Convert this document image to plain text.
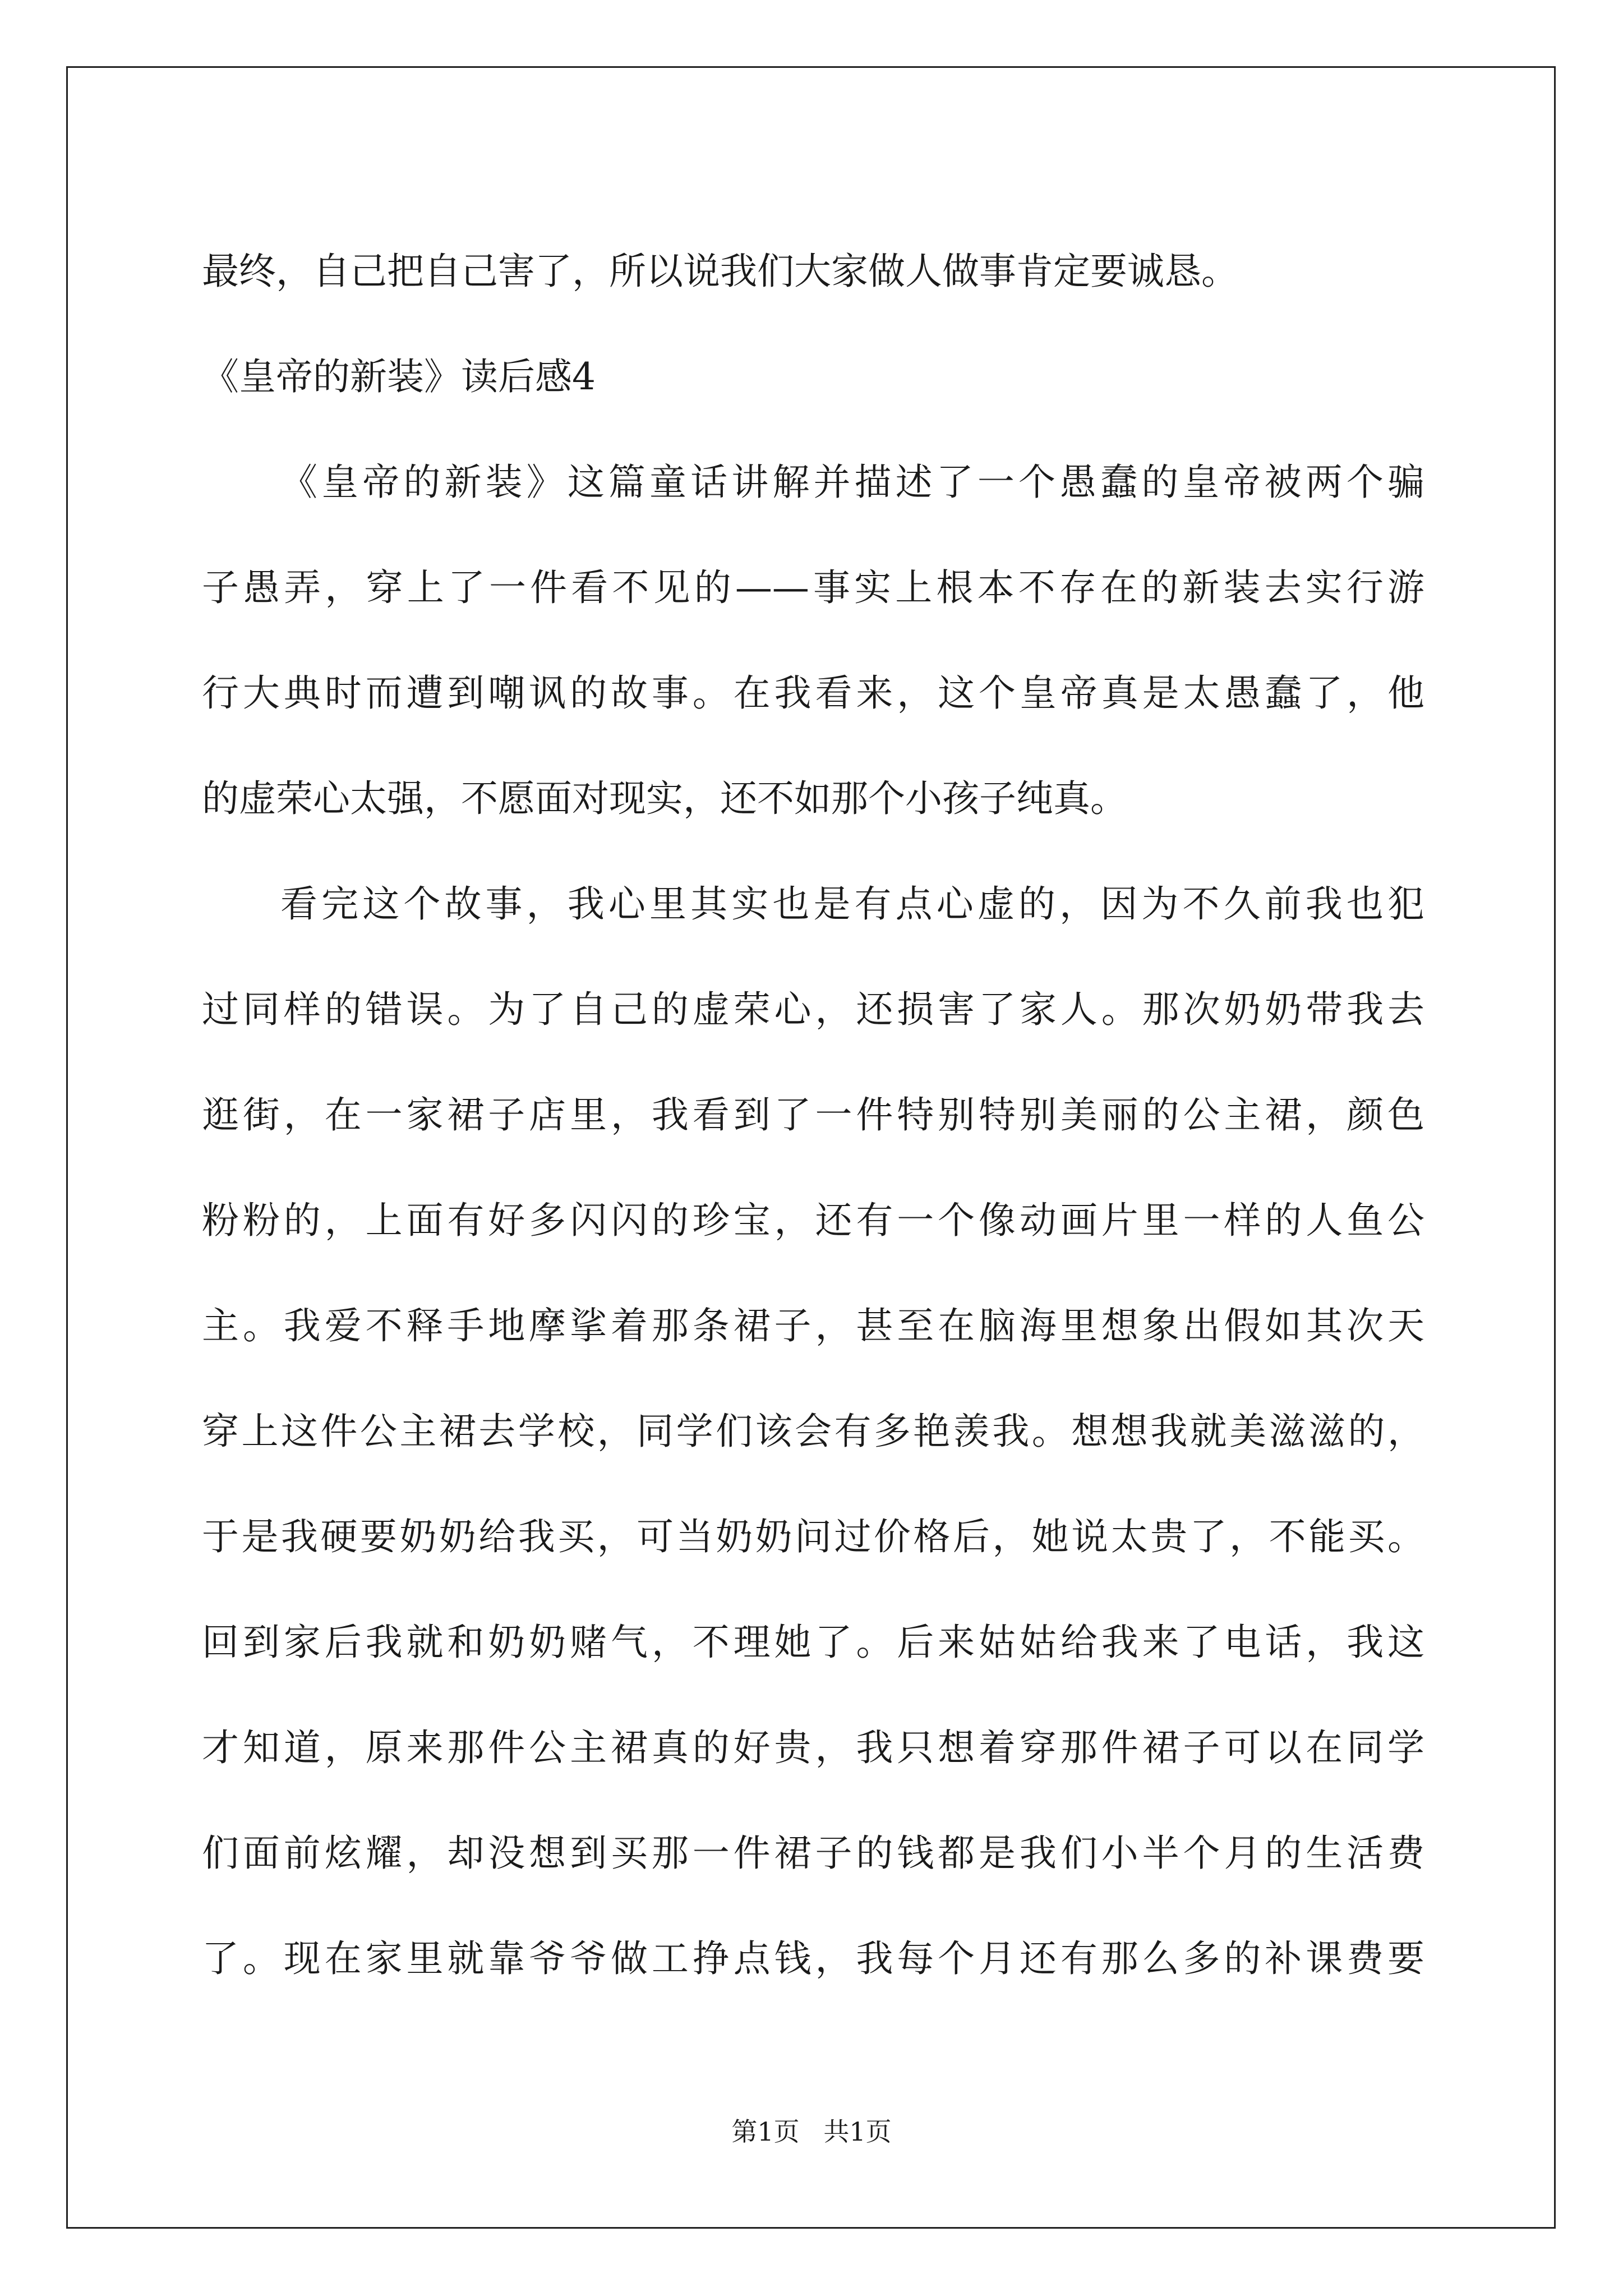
最终，自己把自己害了，所以说我们大家做人做事肯定要诚恳。
《皇帝的新装》读后感4
《皇帝的新装》这篇童话讲解并描述了一个愚蠢的皇帝被两个骗
子愚弄，穿上了一件看不见的——事实上根本不存在的新装去实行游
行大典时而遭到嘲讽的故事。在我看来，这个皇帝真是太愚蠢了，他
的虚荣心太强，不愿面对现实，还不如那个小孩子纯真。
看完这个故事，我心里其实也是有点心虚的，因为不久前我也犯
过同样的错误。为了自己的虚荣心，还损害了家人。那次奶奶带我去
逛街，在一家裙子店里，我看到了一件特别特别美丽的公主裙，颜色
粉粉的，上面有好多闪闪的珍宝，还有一个像动画片里一样的人鱼公
主。我爱不释手地摩挲着那条裙子，甚至在脑海里想象出假如其次天
穿上这件公主裙去学校，同学们该会有多艳羡我。想想我就美滋滋的，
于是我硬要奶奶给我买，可当奶奶问过价格后，她说太贵了，不能买。
回到家后我就和奶奶赌气，不理她了。后来姑姑给我来了电话，我这
才知道，原来那件公主裙真的好贵，我只想着穿那件裙子可以在同学
们面前炫耀，却没想到买那一件裙子的钱都是我们小半个月的生活费
了。现在家里就靠爷爷做工挣点钱，我每个月还有那么多的补课费要
第1页 共1页
